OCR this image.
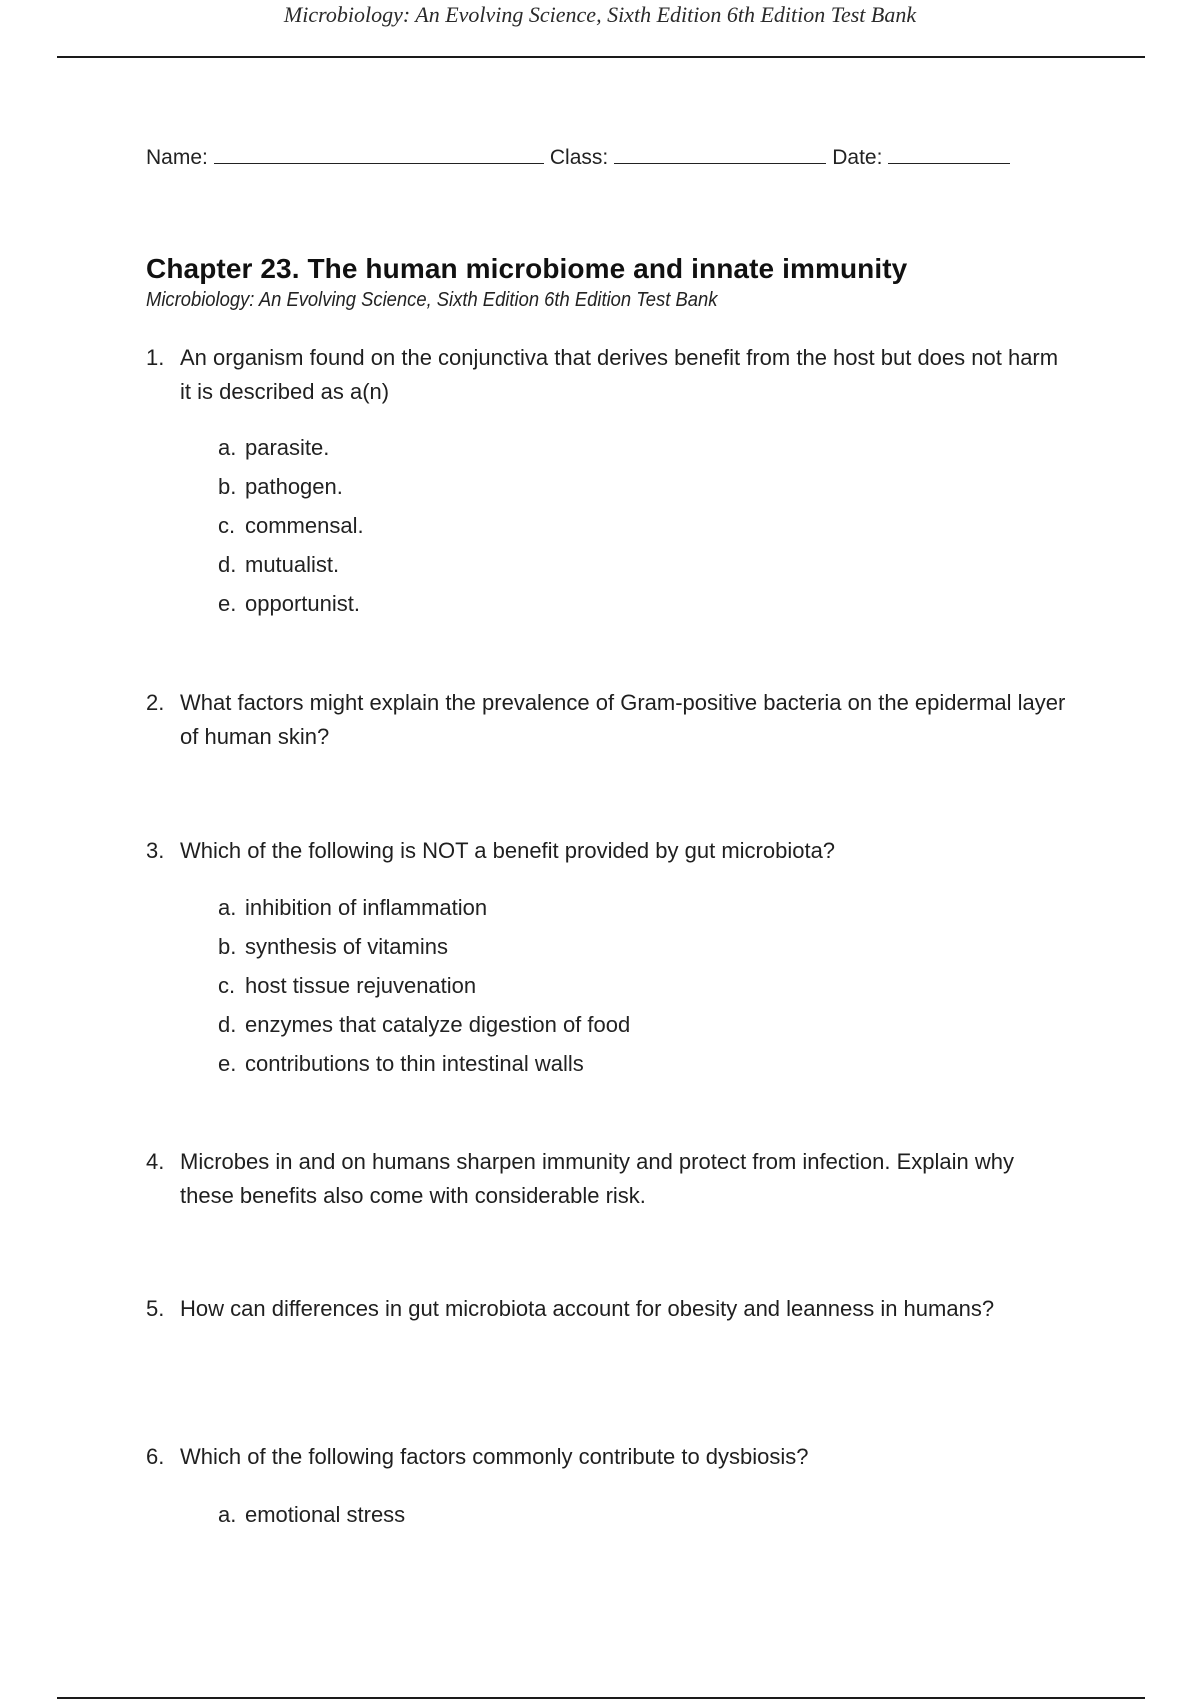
Microbiology: An Evolving Science, Sixth Edition 6th Edition Test Bank
Name:	Class:	Date:
Chapter 23. The human microbiome and innate immunity
Microbiology: An Evolving Science, Sixth Edition 6th Edition Test Bank
1. An organism found on the conjunctiva that derives benefit from the host but does not harm it is described as a(n)
a. parasite.
b. pathogen.
c. commensal.
d. mutualist.
e. opportunist.
2. What factors might explain the prevalence of Gram-positive bacteria on the epidermal layer of human skin?
3. Which of the following is NOT a benefit provided by gut microbiota?
a. inhibition of inflammation
b. synthesis of vitamins
c. host tissue rejuvenation
d. enzymes that catalyze digestion of food
e. contributions to thin intestinal walls
4. Microbes in and on humans sharpen immunity and protect from infection. Explain why these benefits also come with considerable risk.
5. How can differences in gut microbiota account for obesity and leanness in humans?
6. Which of the following factors commonly contribute to dysbiosis?
a. emotional stress
